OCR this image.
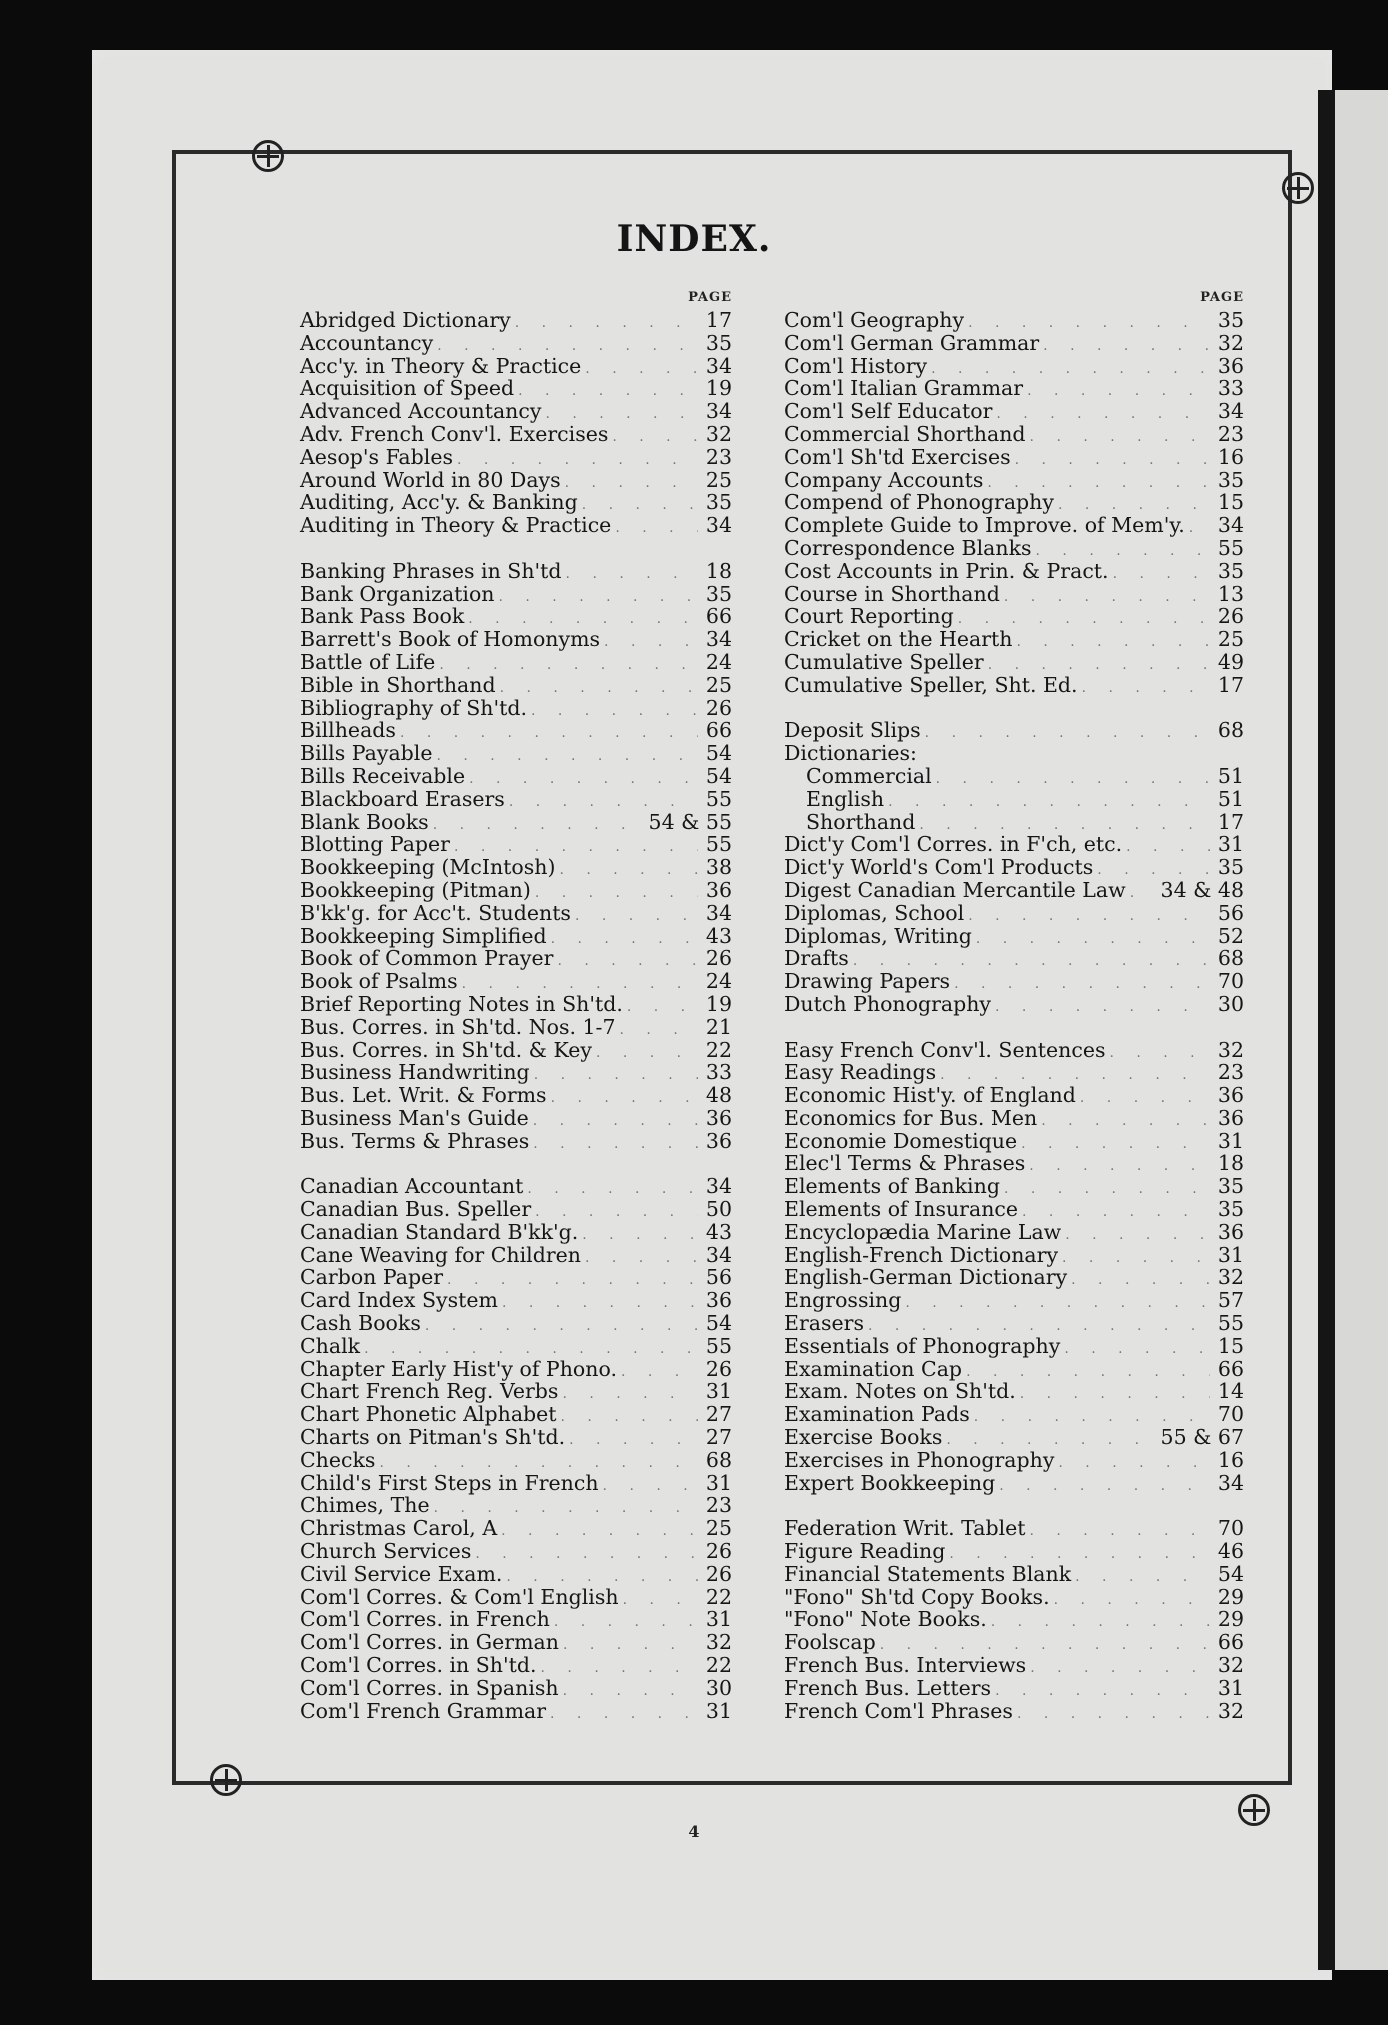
INDEX.
PAGE
Abridged Dictionary . . .	17
Accountancy . . .	35
Acc'y. in Theory & Practice . . .	34
Acquisition of Speed . . .	19
Advanced Accountancy . . .	34
Adv. French Conv'l. Exercises . . .	32
Aesop's Fables . . .	23
Around World in 80 Days . . .	25
Auditing, Acc'y. & Banking . . .	35
Auditing in Theory & Practice . . .	34
Banking Phrases in Sh'td . . .	18
Bank Organization . . .	35
Bank Pass Book . . .	66
Barrett's Book of Homonyms . . .	34
Battle of Life . . .	24
Bible in Shorthand . . .	25
Bibliography of Sh'td. . . .	26
Billheads . . .	66
Bills Payable . . .	54
Bills Receivable . . .	54
Blackboard Erasers . . .	55
Blank Books . . .	54 & 55
Blotting Paper . . .	55
Bookkeeping (McIntosh) . . .	38
Bookkeeping (Pitman) . . .	36
B'kk'g. for Acc't. Students . . .	34
Bookkeeping Simplified . . .	43
Book of Common Prayer . . .	26
Book of Psalms . . .	24
Brief Reporting Notes in Sh'td. . . .	19
Bus. Corres. in Sh'td. Nos. 1-7 . . .	21
Bus. Corres. in Sh'td. & Key . . .	22
Business Handwriting . . .	33
Bus. Let. Writ. & Forms . . .	48
Business Man's Guide . . .	36
Bus. Terms & Phrases . . .	36
Canadian Accountant . . .	34
Canadian Bus. Speller . . .	50
Canadian Standard B'kk'g. . . .	43
Cane Weaving for Children . . .	34
Carbon Paper . . .	56
Card Index System . . .	36
Cash Books . . .	54
Chalk . . .	55
Chapter Early Hist'y of Phono. . . .	26
Chart French Reg. Verbs . . .	31
Chart Phonetic Alphabet . . .	27
Charts on Pitman's Sh'td. . . .	27
Checks . . .	68
Child's First Steps in French . . .	31
Chimes, The . . .	23
Christmas Carol, A . . .	25
Church Services . . .	26
Civil Service Exam. . . .	26
Com'l Corres. & Com'l English . . .	22
Com'l Corres. in French . . .	31
Com'l Corres. in German . . .	32
Com'l Corres. in Sh'td. . . .	22
Com'l Corres. in Spanish . . .	30
Com'l French Grammar . . .	31
PAGE
Com'l Geography . . .	35
Com'l German Grammar . . .	32
Com'l History . . .	36
Com'l Italian Grammar . . .	33
Com'l Self Educator . . .	34
Commercial Shorthand . . .	23
Com'l Sh'td Exercises . . .	16
Company Accounts . . .	35
Compend of Phonography . . .	15
Complete Guide to Improve. of Mem'y. . . . 34
Correspondence Blanks . . .	55
Cost Accounts in Prin. & Pract. . . .	35
Course in Shorthand . . .	13
Court Reporting . . .	26
Cricket on the Hearth . . .	25
Cumulative Speller . . .	49
Cumulative Speller, Sht. Ed. . . .	17
Deposit Slips . . .	68
Dictionaries:
Commercial . . .	51
English . . .	51
Shorthand . . .	17
Dict'y Com'l Corres. in F'ch, etc. . . .	31
Dict'y World's Com'l Products . . .	35
Digest Canadian Mercantile Law . . . 34 & 48
Diplomas, School . . .	56
Diplomas, Writing . . .	52
Drafts . . .	68
Drawing Papers . . .	70
Dutch Phonography . . .	30
Easy French Conv'l. Sentences . . .	32
Easy Readings . . .	23
Economic Hist'y. of England . . .	36
Economics for Bus. Men . . .	36
Economie Domestique . . .	31
Elec'l Terms & Phrases . . .	18
Elements of Banking . . .	35
Elements of Insurance . . .	35
Encyclopædia Marine Law . . .	36
English-French Dictionary . . .	31
English-German Dictionary . . .	32
Engrossing . . .	57
Erasers . . .	55
Essentials of Phonography . . .	15
Examination Cap . . .	66
Exam. Notes on Sh'td. . . .	14
Examination Pads . . .	70
Exercise Books . . .	55 & 67
Exercises in Phonography . . .	16
Expert Bookkeeping . . .	34
Federation Writ. Tablet . . .	70
Figure Reading . . .	46
Financial Statements Blank . . .	54
"Fono" Sh'td Copy Books. . . .	29
"Fono" Note Books. . . .	29
Foolscap . . .	66
French Bus. Interviews . . .	32
French Bus. Letters . . .	31
French Com'l Phrases . . .	32
4
